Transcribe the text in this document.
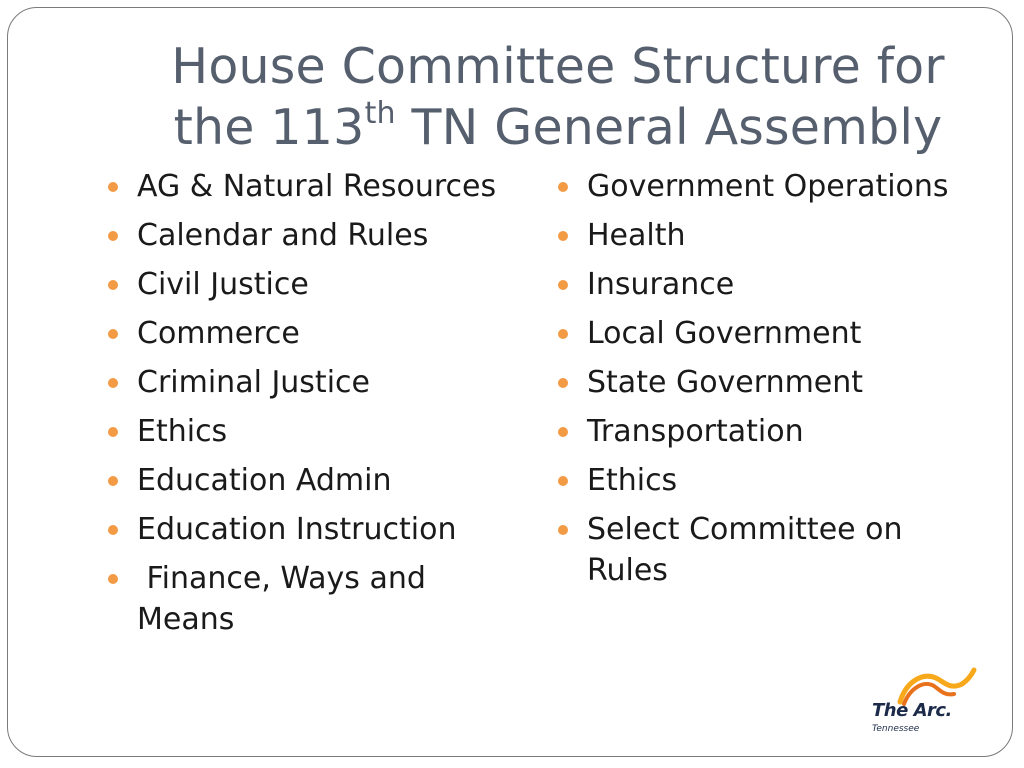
House Committee Structure for
the 113th TN General Assembly
AG & Natural Resources
Calendar and Rules
Civil Justice
Commerce
Criminal Justice
Ethics
Education Admin
Education Instruction
Finance, Ways and Means
Government Operations
Health
Insurance
Local Government
State Government
Transportation
Ethics
Select Committee on Rules
The Arc.
Tennessee
